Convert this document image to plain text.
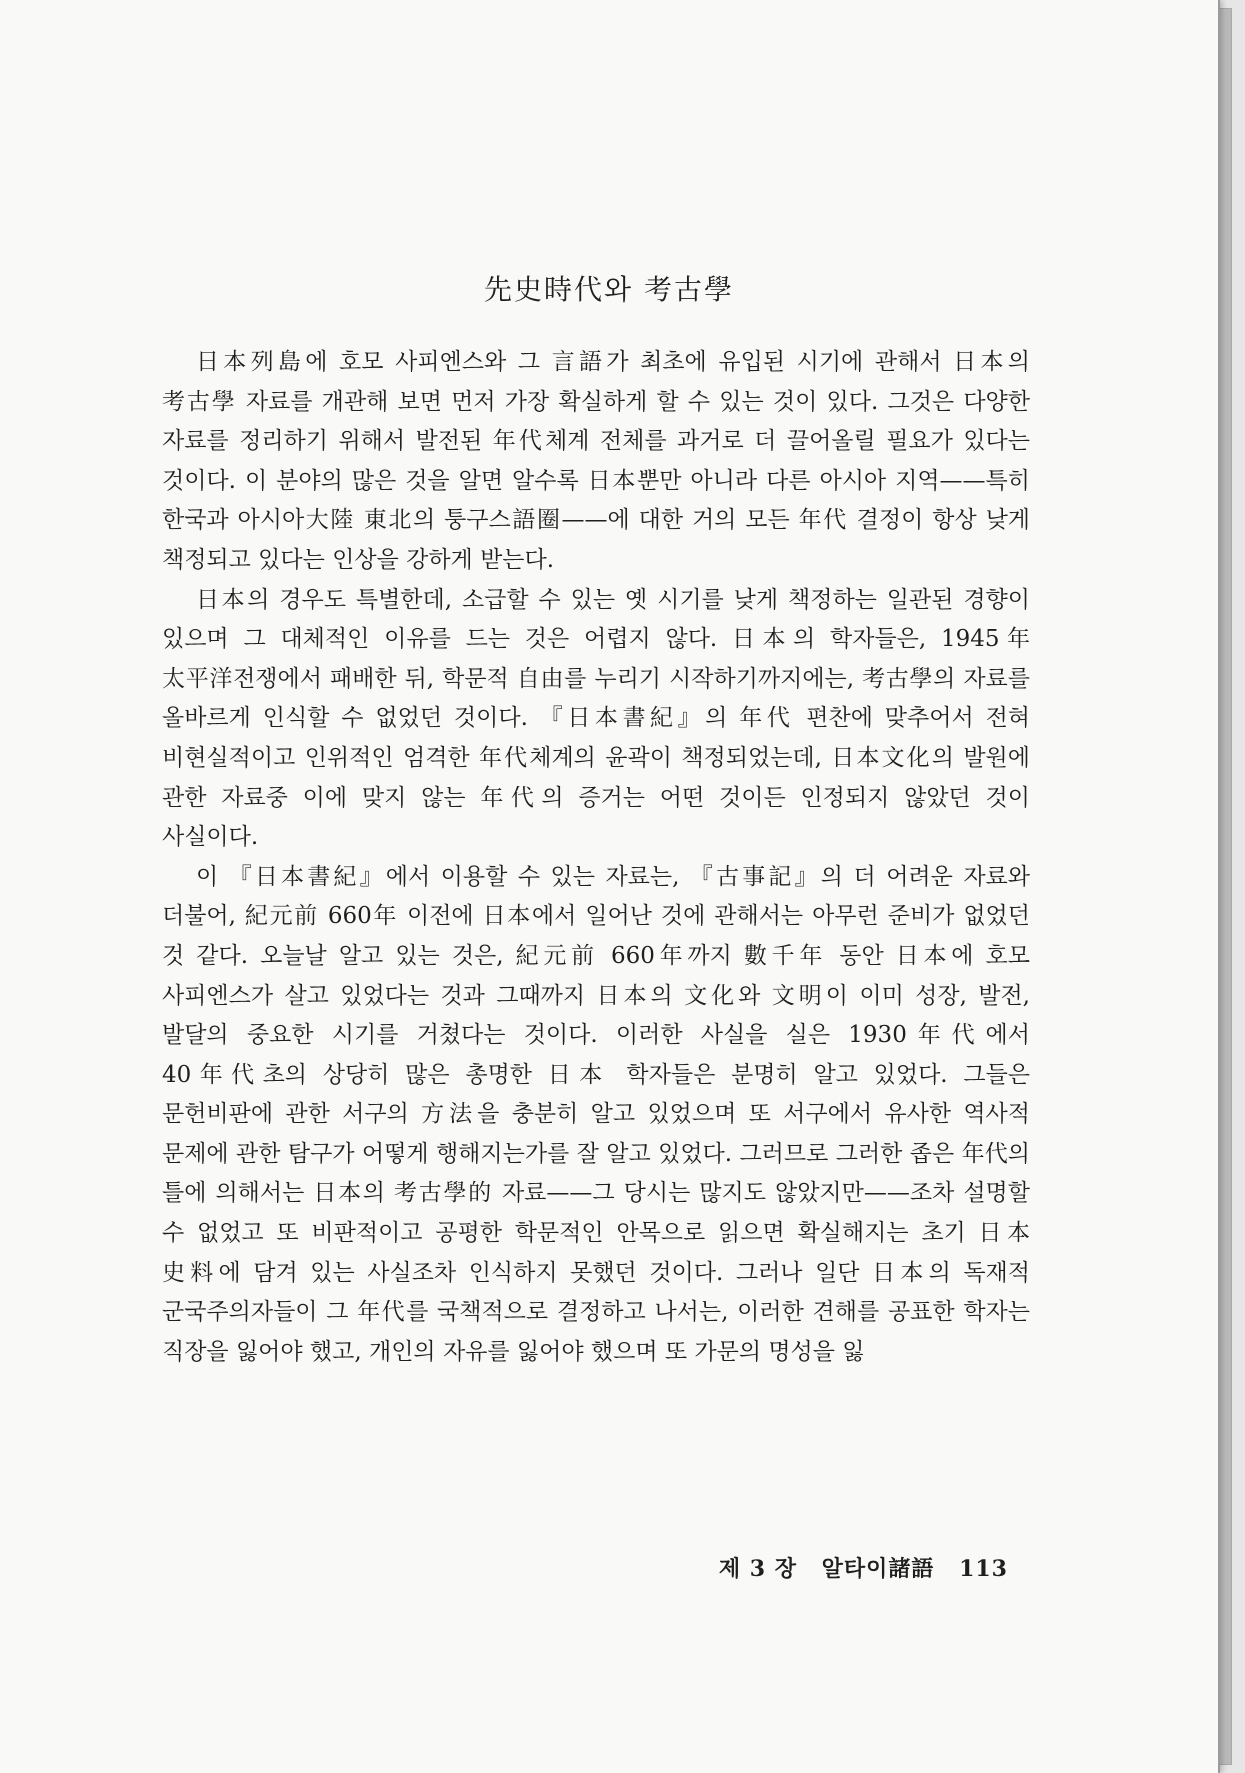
先史時代와 考古學

日本列島에 호모 사피엔스와 그 言語가 최초에 유입된 시기에 관해서 日本의 考古學 자료를 개관해 보면 먼저 가장 확실하게 할 수 있는 것이 있다. 그것은 다양한 자료를 정리하기 위해서 발전된 年代체계 전체를 과거로 더 끌어올릴 필요가 있다는 것이다. 이 분야의 많은 것을 알면 알수록 日本뿐만 아니라 다른 아시아 지역——특히 한국과 아시아大陸 東北의 퉁구스語圈——에 대한 거의 모든 年代 결정이 항상 낮게 책정되고 있다는 인상을 강하게 받는다.

日本의 경우도 특별한데, 소급할 수 있는 옛 시기를 낮게 책정하는 일관된 경향이 있으며 그 대체적인 이유를 드는 것은 어렵지 않다. 日本의 학자들은, 1945年 太平洋전쟁에서 패배한 뒤, 학문적 自由를 누리기 시작하기까지에는, 考古學의 자료를 올바르게 인식할 수 없었던 것이다. 『日本書紀』의 年代 편찬에 맞추어서 전혀 비현실적이고 인위적인 엄격한 年代체계의 윤곽이 책정되었는데, 日本文化의 발원에 관한 자료중 이에 맞지 않는 年代의 증거는 어떤 것이든 인정되지 않았던 것이 사실이다.

이 『日本書紀』에서 이용할 수 있는 자료는, 『古事記』의 더 어려운 자료와 더불어, 紀元前 660年 이전에 日本에서 일어난 것에 관해서는 아무런 준비가 없었던 것 같다. 오늘날 알고 있는 것은, 紀元前 660年까지 數千年 동안 日本에 호모 사피엔스가 살고 있었다는 것과 그때까지 日本의 文化와 文明이 이미 성장, 발전, 발달의 중요한 시기를 거쳤다는 것이다. 이러한 사실을 실은 1930年代에서 40年代초의 상당히 많은 총명한 日本 학자들은 분명히 알고 있었다. 그들은 문헌비판에 관한 서구의 方法을 충분히 알고 있었으며 또 서구에서 유사한 역사적 문제에 관한 탐구가 어떻게 행해지는가를 잘 알고 있었다. 그러므로 그러한 좁은 年代의 틀에 의해서는 日本의 考古學的 자료——그 당시는 많지도 않았지만——조차 설명할 수 없었고 또 비판적이고 공평한 학문적인 안목으로 읽으면 확실해지는 초기 日本 史料에 담겨 있는 사실조차 인식하지 못했던 것이다. 그러나 일단 日本의 독재적 군국주의자들이 그 年代를 국책적으로 결정하고 나서는, 이러한 견해를 공표한 학자는 직장을 잃어야 했고, 개인의 자유를 잃어야 했으며 또 가문의 명성을 잃

제 3 장 알타이諸語 113
